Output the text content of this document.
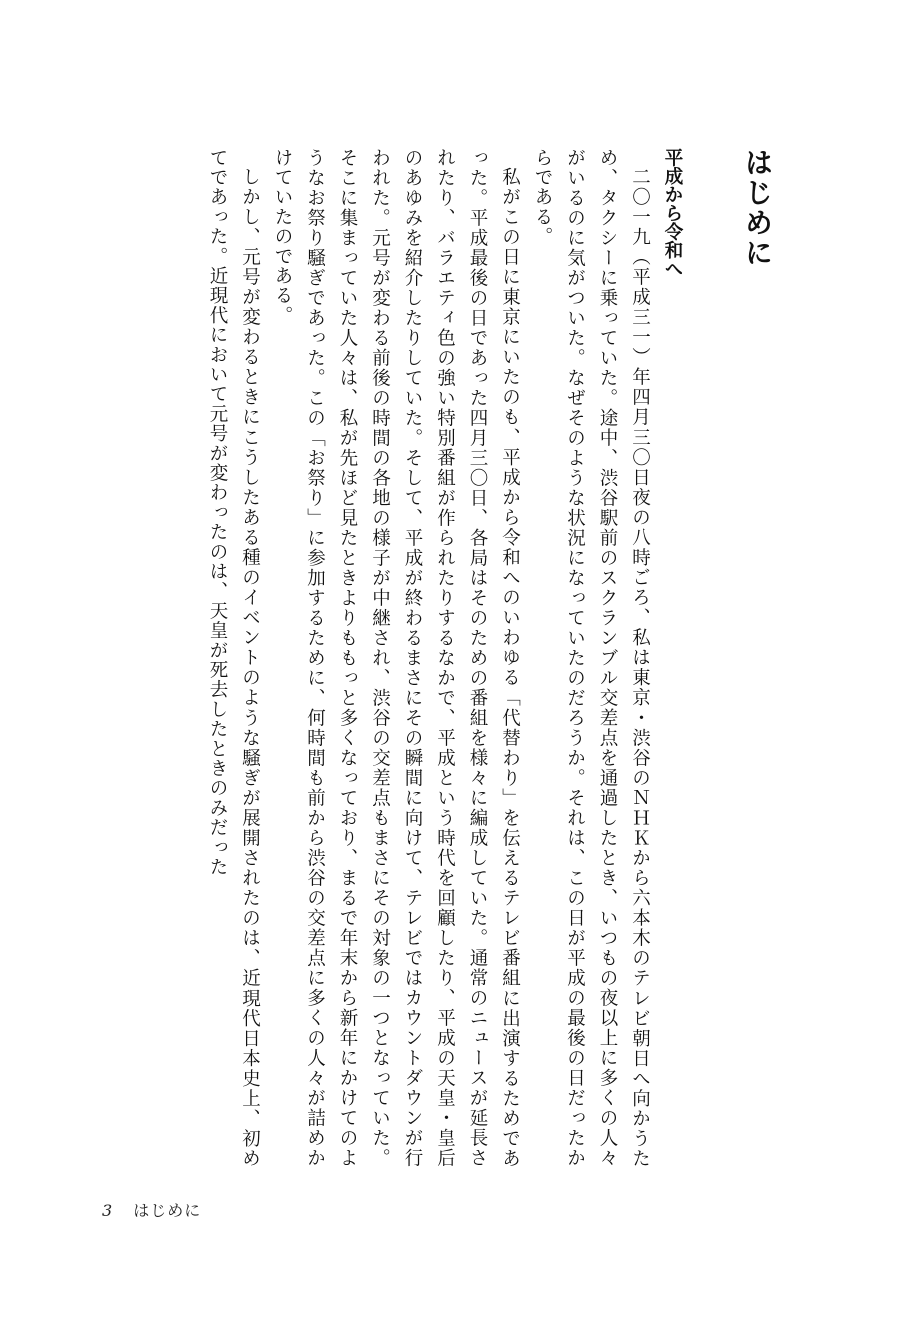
はじめに
平成から令和へ

二〇一九（平成三一）年四月三〇日夜の八時ごろ、私は東京・渋谷のＮＨＫから六本木のテレビ朝日へ向かうため、タクシーに乗っていた。途中、渋谷駅前のスクランブル交差点を通過したとき、いつもの夜以上に多くの人々がいるのに気がついた。なぜそのような状況になっていたのだろうか。それは、この日が平成の最後の日だったからである。

私がこの日に東京にいたのも、平成から令和へのいわゆる「代替わり」を伝えるテレビ番組に出演するためであった。平成最後の日であった四月三〇日、各局はそのための番組を様々に編成していた。通常のニュースが延長されたり、バラエティ色の強い特別番組が作られたりするなかで、平成という時代を回顧したり、平成の天皇・皇后のあゆみを紹介したりしていた。そして、平成が終わるまさにその瞬間に向けて、テレビではカウントダウンが行われた。元号が変わる前後の時間の各地の様子が中継され、渋谷の交差点もまさにその対象の一つとなっていた。そこに集まっていた人々は、私が先ほど見たときよりももっと多くなっており、まるで年末から新年にかけてのようなお祭り騒ぎであった。この「お祭り」に参加するために、何時間も前から渋谷の交差点に多くの人々が詰めかけていたのである。

しかし、元号が変わるときにこうしたある種のイベントのような騒ぎが展開されたのは、近現代日本史上、初めてであった。近現代において元号が変わったのは、天皇が死去したときのみだった

3 はじめに
